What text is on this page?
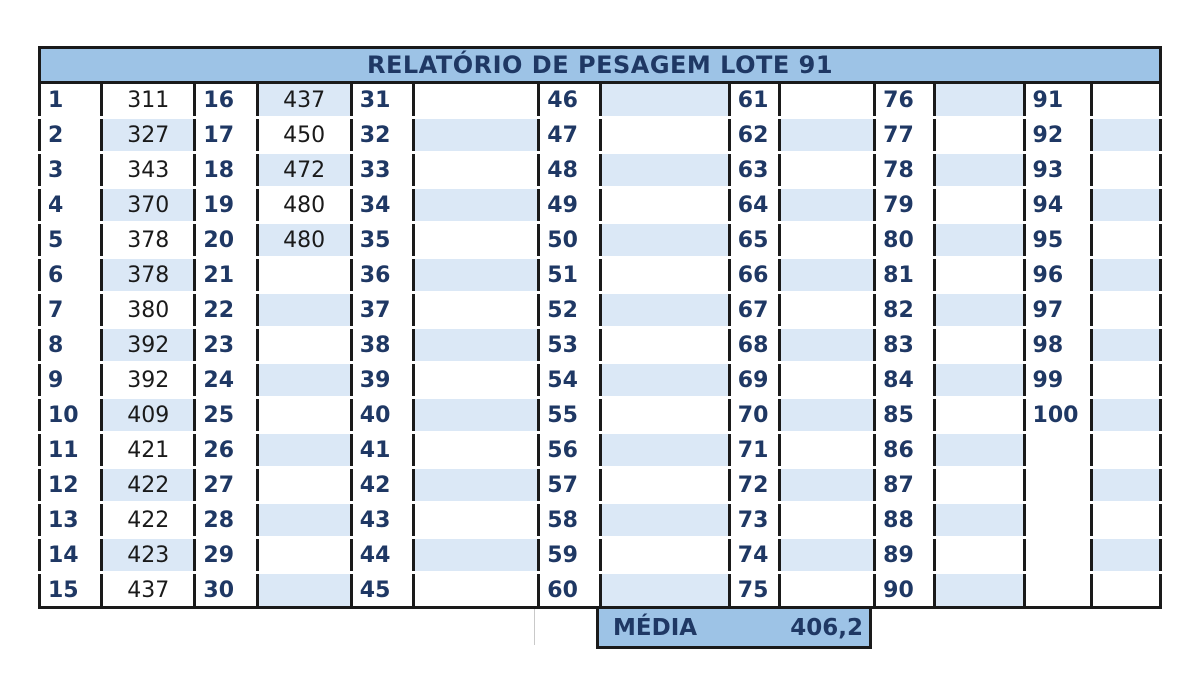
RELATÓRIO DE PESAGEM LOTE 91
1	311	16	437	31		46		61		76		91	
2	327	17	450	32		47		62		77		92	
3	343	18	472	33		48		63		78		93	
4	370	19	480	34		49		64		79		94	
5	378	20	480	35		50		65		80		95	
6	378	21		36		51		66		81		96	
7	380	22		37		52		67		82		97	
8	392	23		38		53		68		83		98	
9	392	24		39		54		69		84		99	
10	409	25		40		55		70		85		100	
11	421	26		41		56		71		86			
12	422	27		42		57		72		87			
13	422	28		43		58		73		88			
14	423	29		44		59		74		89			
15	437	30		45		60		75		90			
MÉDIA	406,2
